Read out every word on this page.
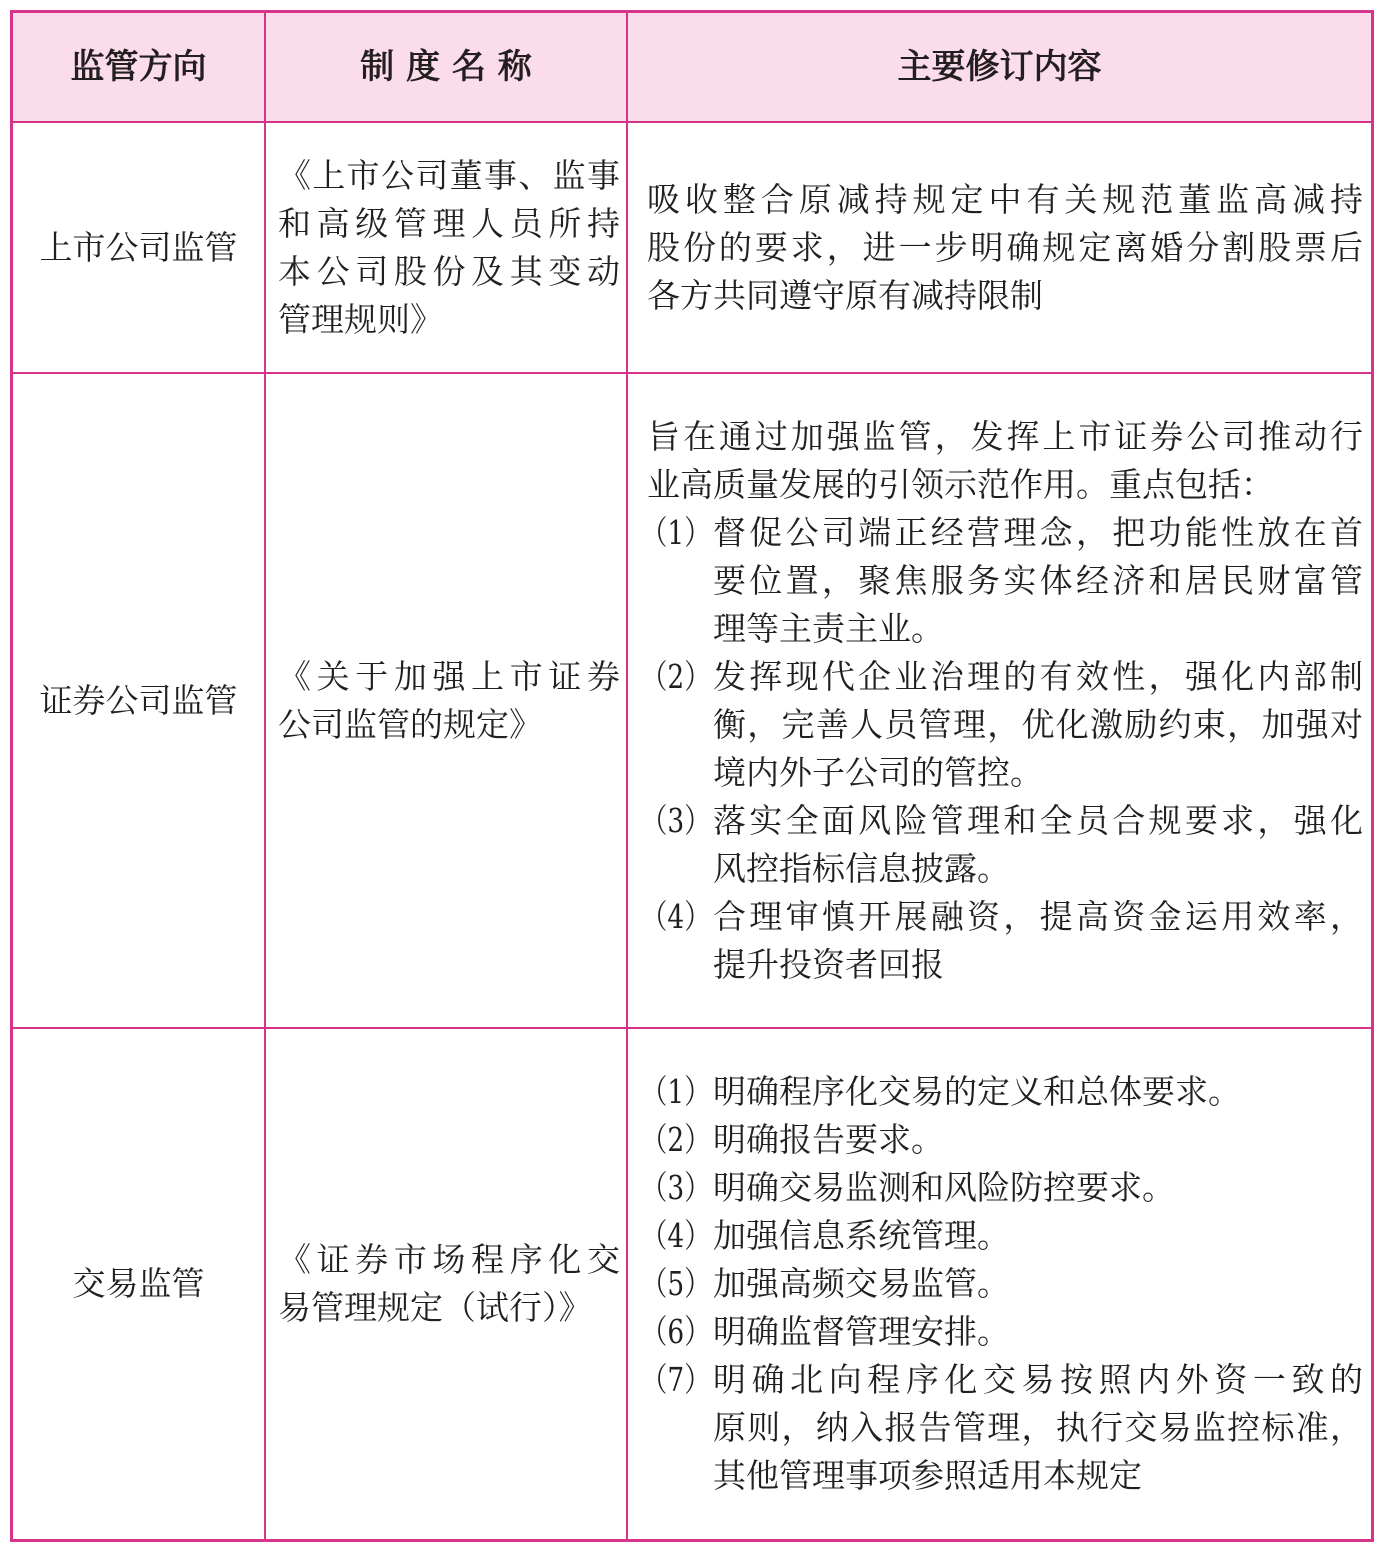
监管方向	制 度 名 称	主要修订内容
上市公司监管
《上市公司董事、监事
和高级管理人员所持
本公司股份及其变动
管理规则》
吸收整合原减持规定中有关规范董监高减持
股份的要求，进一步明确规定离婚分割股票后
各方共同遵守原有减持限制
证券公司监管
《关于加强上市证券
公司监管的规定》
旨在通过加强监管，发挥上市证券公司推动行
业高质量发展的引领示范作用。重点包括：
（1） 督促公司端正经营理念，把功能性放在首
要位置，聚焦服务实体经济和居民财富管
理等主责主业。
（2） 发挥现代企业治理的有效性，强化内部制
衡，完善人员管理，优化激励约束，加强对
境内外子公司的管控。
（3） 落实全面风险管理和全员合规要求，强化
风控指标信息披露。
（4） 合理审慎开展融资，提高资金运用效率，
提升投资者回报
交易监管
《证券市场程序化交
易管理规定（试行）》
（1） 明确程序化交易的定义和总体要求。
（2） 明确报告要求。
（3） 明确交易监测和风险防控要求。
（4） 加强信息系统管理。
（5） 加强高频交易监管。
（6） 明确监督管理安排。
（7） 明确北向程序化交易按照内外资一致的
原则，纳入报告管理，执行交易监控标准，
其他管理事项参照适用本规定
